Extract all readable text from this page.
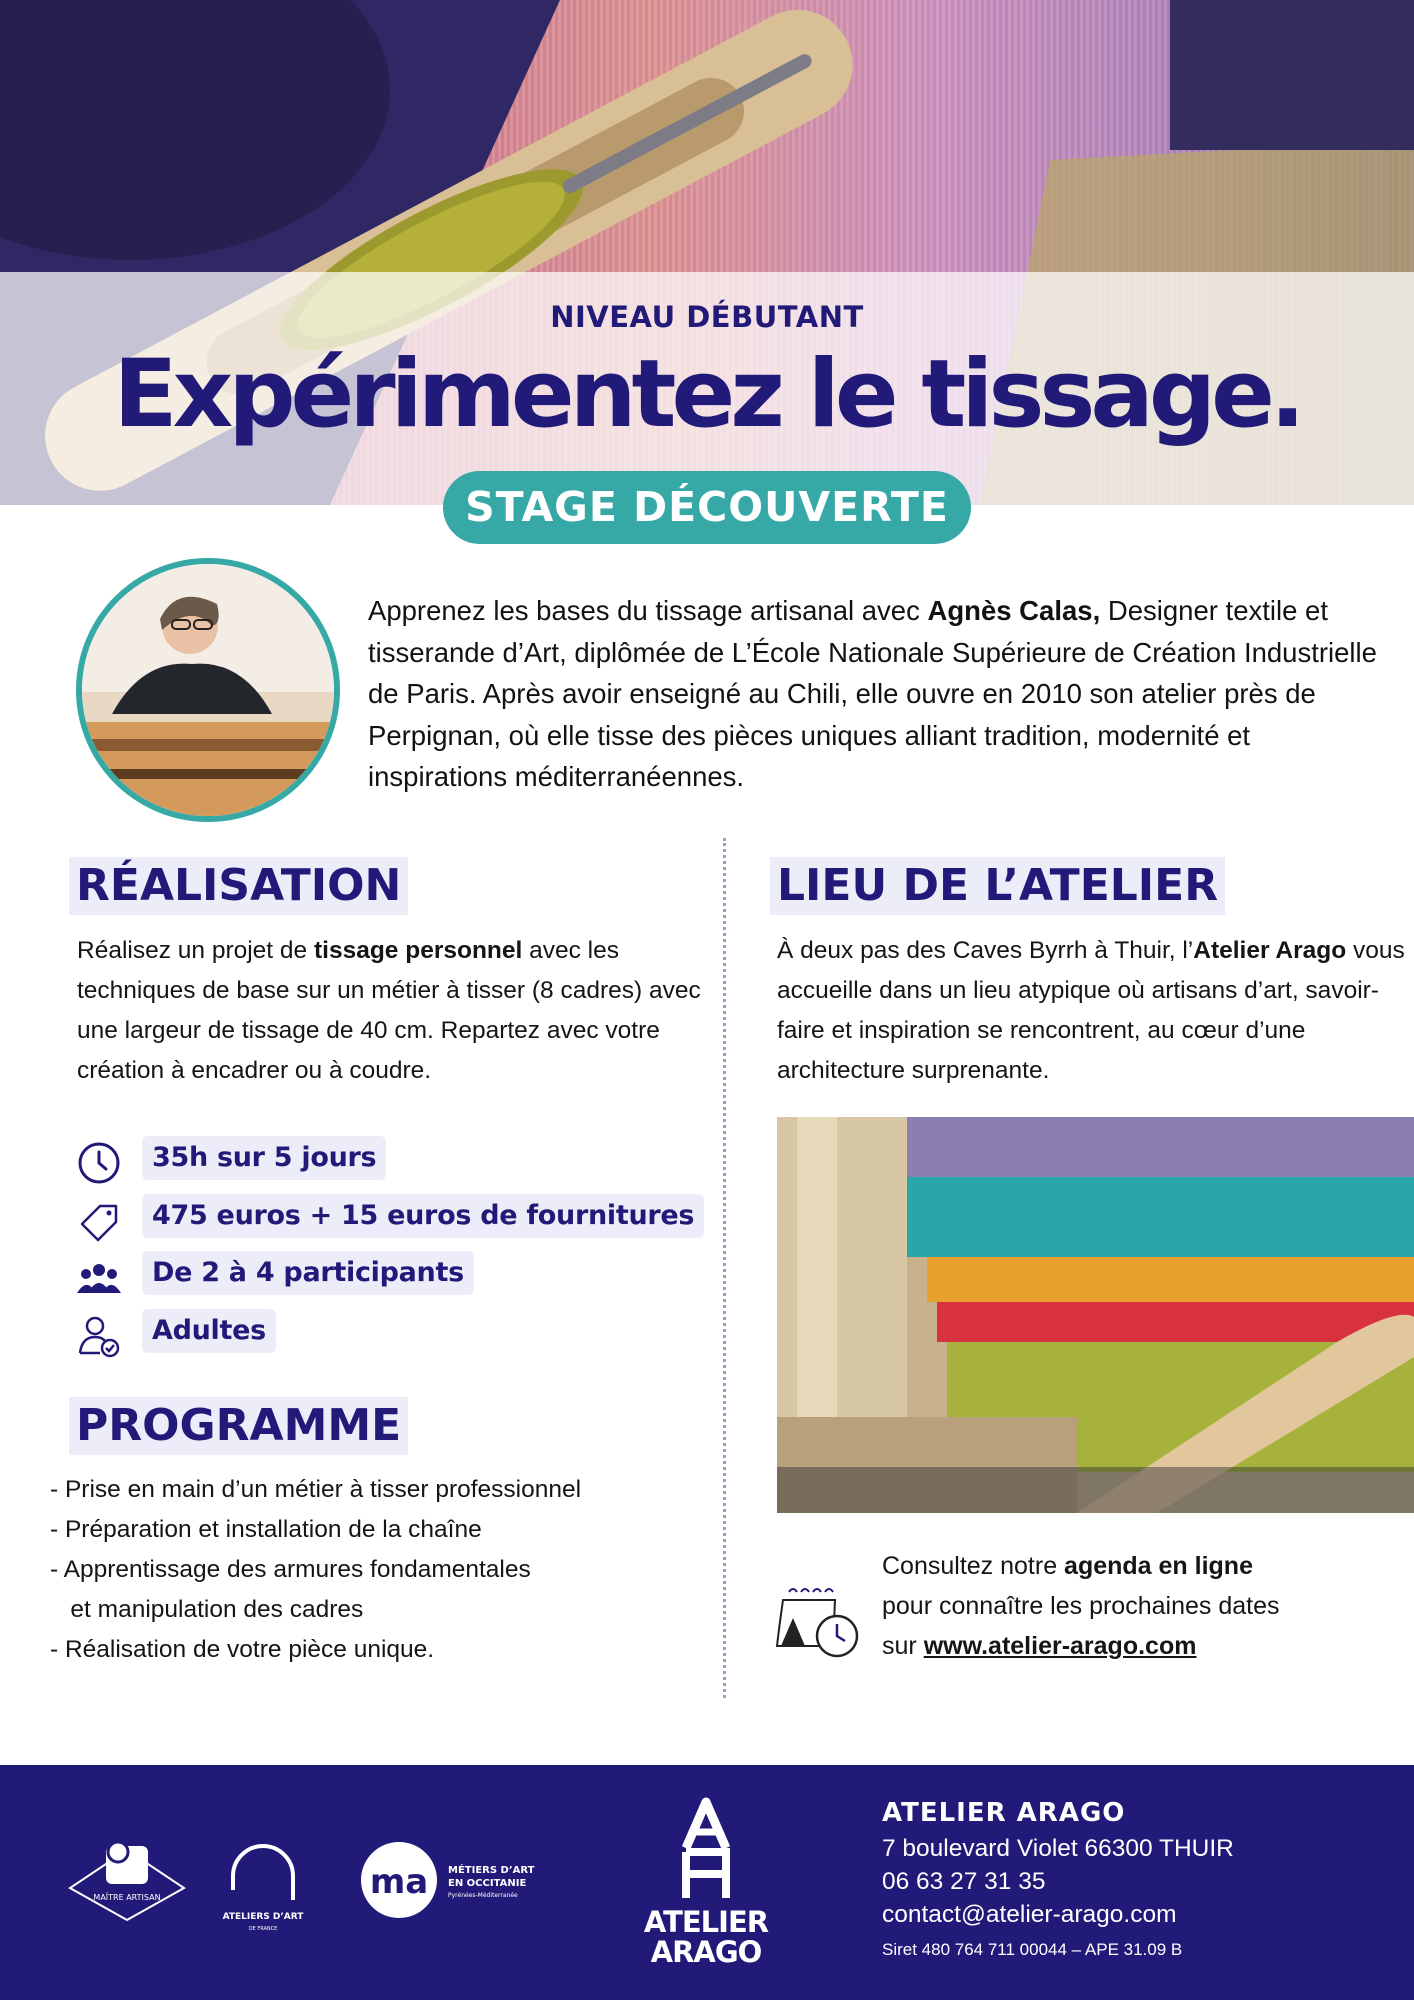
NIVEAU DÉBUTANT
Expérimentez le tissage.
STAGE DÉCOUVERTE

Apprenez les bases du tissage artisanal avec Agnès Calas, Designer textile et tisserande d’Art, diplômée de L’École Nationale Supérieure de Création Industrielle de Paris. Après avoir enseigné au Chili, elle ouvre en 2010 son atelier près de Perpignan, où elle tisse des pièces uniques alliant tradition, modernité et inspirations méditerranéennes.

RÉALISATION

Réalisez un projet de tissage personnel avec les techniques de base sur un métier à tisser (8 cadres) avec une largeur de tissage de 40 cm. Repartez avec votre création à encadrer ou à coudre.

35h sur 5 jours
475 euros + 15 euros de fournitures
De 2 à 4 participants
Adultes
PROGRAMME
- Prise en main d’un métier à tisser professionnel
- Préparation et installation de la chaîne
- Apprentissage des armures fondamentales
et manipulation des cadres
- Réalisation de votre pièce unique.
LIEU DE L’ATELIER

À deux pas des Caves Byrrh à Thuir, l’Atelier Arago vous accueille dans un lieu atypique où artisans d’art, savoir-faire et inspiration se rencontrent, au cœur d’une architecture surprenante.

Consultez notre agenda en ligne
pour connaître les prochaines dates
sur www.atelier-arago.com
MAÎTRE ARTISAN
ATELIERS D’ART
DE FRANCE
ma MÉTIERS D’ART
EN OCCITANIE
Pyrénées-Méditerranée
ATELIER
ARAGO
ATELIER ARAGO
7 boulevard Violet 66300 THUIR
06 63 27 31 35
contact@atelier-arago.com
Siret 480 764 711 00044 – APE 31.09 B
